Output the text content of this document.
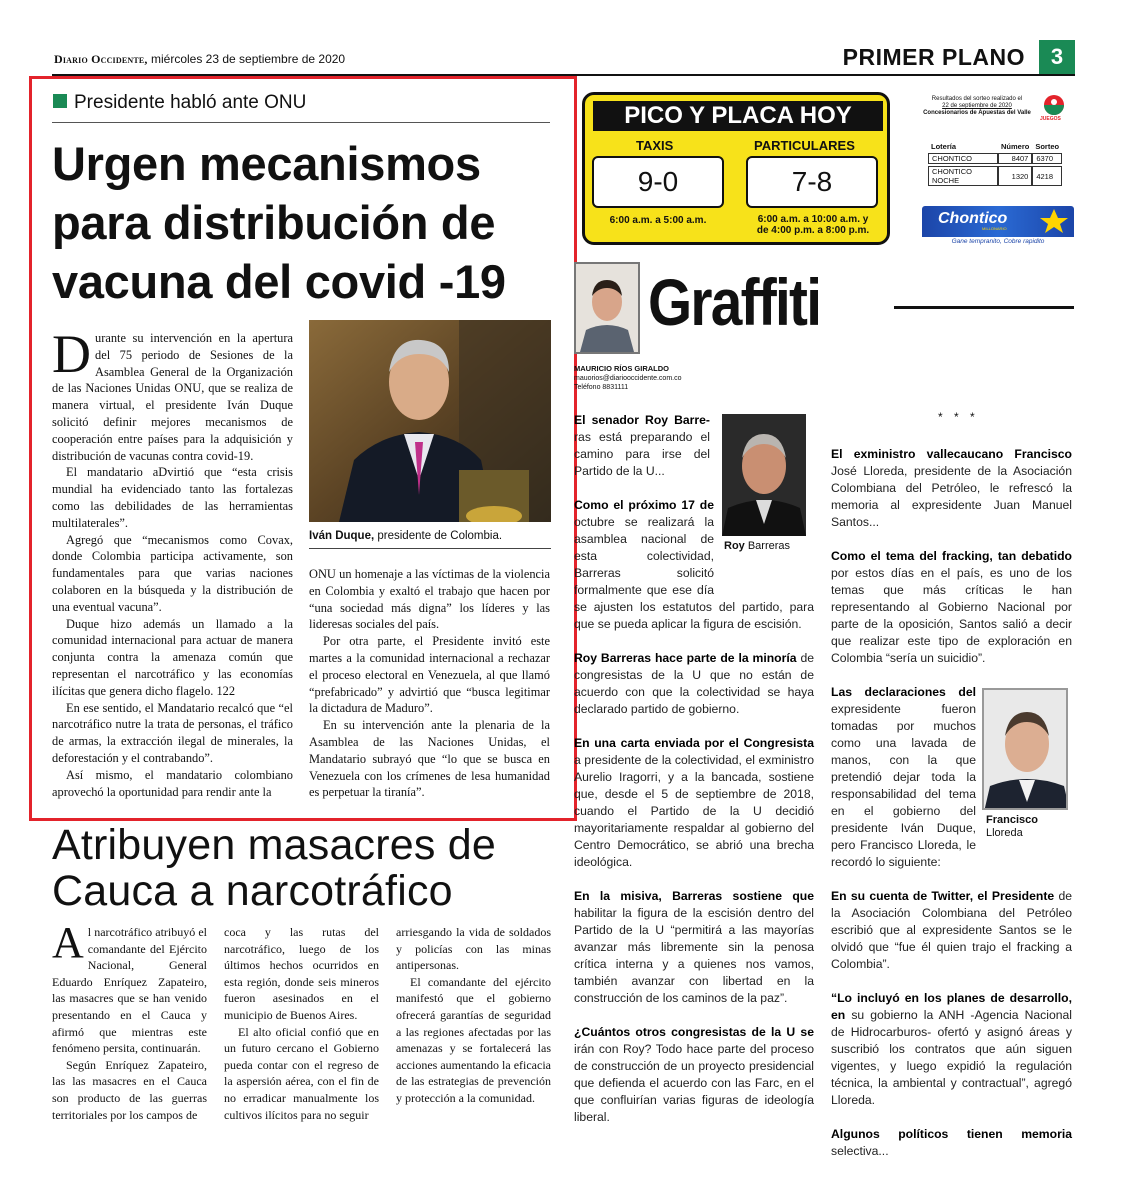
Diario Occidente, miércoles 23 de septiembre de 2020	PRIMER PLANO	3
Presidente habló ante ONU
Urgen mecanismos para distribución de vacuna del covid -19

Durante su intervención en la apertura del 75 periodo de Sesiones de la Asamblea General de la Organización de las Naciones Unidas ONU, que se realiza de manera virtual, el presidente Iván Duque solicitó definir mejores mecanismos de cooperación entre países para la adquisición y distribución de vacunas contra covid-19.

El mandatario aDvirtió que “esta crisis mundial ha evidenciado tanto las fortalezas como las debilidades de las herramientas multilaterales”.

Agregó que “mecanismos como Covax, donde Colombia participa activamente, son fundamentales para que varias naciones colaboren en la búsqueda y la distribución de una eventual vacuna”.

Duque hizo además un llamado a la comunidad internacional para actuar de manera conjunta contra la amenaza común que representan el narcotráfico y las economías ilícitas que genera dicho flagelo. 122

En ese sentido, el Mandatario recalcó que “el narcotráfico nutre la trata de personas, el tráfico de armas, la extracción ilegal de minerales, la deforestación y el contrabando”.

Así mismo, el mandatario colombiano aprovechó la oportunidad para rendir ante la

Iván Duque, presidente de Colombia.

ONU un homenaje a las víctimas de la violencia en Colombia y exaltó el trabajo que hacen por “una sociedad más digna” los líderes y las lideresas sociales del país.

Por otra parte, el Presidente invitó este martes a la comunidad internacional a rechazar el proceso electoral en Venezuela, al que llamó “prefabricado” y advirtió que “busca legitimar la dictadura de Maduro”.

En su intervención ante la plenaria de la Asamblea de las Naciones Unidas, el Mandatario subrayó que “lo que se busca en Venezuela con los crímenes de lesa humanidad es perpetuar la tiranía”.

Atribuyen masacres de Cauca a narcotráfico

Al narcotráfico atribuyó el comandante del Ejército Nacional, General Eduardo Enríquez Zapateiro, las masacres que se han venido presentando en el Cauca y afirmó que mientras este fenómeno persita, continuarán.

Según Enríquez Zapateiro, las las masacres en el Cauca son producto de las guerras territoriales por los campos de

coca y las rutas del narcotráfico, luego de los últimos hechos ocurridos en esta región, donde seis mineros fueron asesinados en el municipio de Buenos Aires.

El alto oficial confió que en un futuro cercano el Gobierno pueda contar con el regreso de la aspersión aérea, con el fin de no erradicar manualmente los cultivos ilícitos para no seguir

arriesgando la vida de soldados y policías con las minas antipersonas.

El comandante del ejército manifestó que el gobierno ofrecerá garantías de seguridad a las regiones afectadas por las amenazas y se fortalecerá las acciones aumentando la eficacia de las estrategias de prevención y protección a la comunidad.

PICO Y PLACA HOY
TAXIS	PARTICULARES
9-0	7-8
6:00 a.m. a 5:00 a.m.	6:00 a.m. a 10:00 a.m. y
de 4:00 p.m. a 8:00 p.m.
Resultados del sorteo realizado el
22 de septiembre de 2020
Concesionarios de Apuestas del Valle
JUEGOS
Lotería	Número	Sorteo
CHONTICO	8407	6370
CHONTICO NOCHE	1320	4218
Chontico
MILLONARIO
Gane tempranito, Cobre rapidito
Graffiti
MAURICIO RÍOS GIRALDO
mauorios@diariooccidente.com.co
Teléfono 8831111
Roy Barreras

El senador Roy Barre- ras está preparando el camino para irse del Partido de la U...

Como el próximo 17 de octubre se realizará la asamblea nacional de esta colectividad, Barreras solicitó formalmente que ese día se ajusten los estatutos del partido, para que se pueda aplicar la figura de escisión.

Roy Barreras hace parte de la minoría de congresistas de la U que no están de acuerdo con que la colectividad se haya declarado partido de gobierno.

En una carta enviada por el Congresista a presidente de la colectividad, el exministro Aurelio Iragorri, y a la bancada, sostiene que, desde el 5 de septiembre de 2018, cuando el Partido de la U decidió mayoritariamente respaldar al gobierno del Centro Democrático, se abrió una brecha ideológica.

En la misiva, Barreras sostiene que habilitar la figura de la escisión dentro del Partido de la U “permitirá a las mayorías avanzar más libremente sin la penosa crítica interna y a quienes nos vamos, también avanzar con libertad en la construcción de los caminos de la paz”.

¿Cuántos otros congresistas de la U se irán con Roy? Todo hace parte del proceso de construcción de un proyecto presidencial que defienda el acuerdo con las Farc, en el que confluirían varias figuras de ideología liberal.

* * *
Francisco
Lloreda

El exministro vallecaucano Francisco José Lloreda, presidente de la Asociación Colombiana del Petróleo, le refrescó la memoria al expresidente Juan Manuel Santos...

Como el tema del fracking, tan debatido por estos días en el país, es uno de los temas que más críticas le han representando al Gobierno Nacional por parte de la oposición, Santos salió a decir que realizar este tipo de exploración en Colombia “sería un suicidio”.

Las declaraciones del expresidente fueron tomadas por muchos como una lavada de manos, con la que pretendió dejar toda la responsabilidad del tema en el gobierno del presidente Iván Duque, pero Francisco Lloreda, le recordó lo siguiente:

En su cuenta de Twitter, el Presidente de la Asociación Colombiana del Petróleo escribió que al expresidente Santos se le olvidó que “fue él quien trajo el fracking a Colombia”.

“Lo incluyó en los planes de desarrollo, en su gobierno la ANH -Agencia Nacional de Hidrocarburos- ofertó y asignó áreas y suscribió los contratos que aún siguen vigentes, y luego expidió la regulación técnica, la ambiental y contractual”, agregó Lloreda.

Algunos políticos tienen memoria selectiva...
